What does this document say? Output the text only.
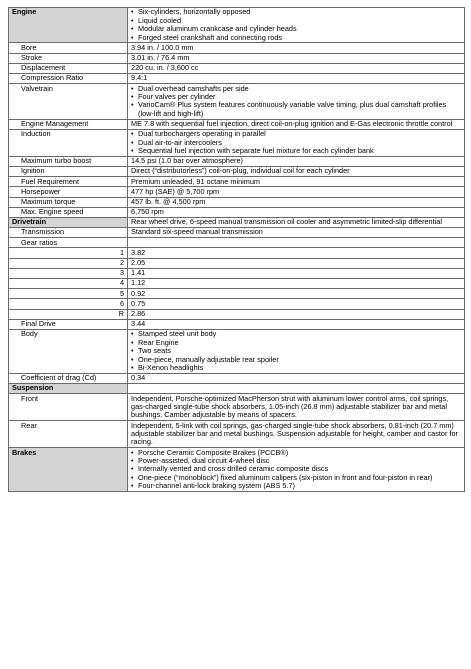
Engine	• Six-cylinders, horizontally opposed
• Liquid cooled
• Modular aluminum crankcase and cylinder heads
• Forged steel crankshaft and connecting rods

Bore	3.94 in. / 100.0 mm
Stroke	3.01 in. / 76.4 mm
Displacement	220 cu. in. / 3,600 cc
Compression Ratio	9.4:1
Valvetrain	• Dual overhead camshafts per side
• Four valves per cylinder
• VarioCam® Plus system features continuously variable valve timing, plus dual camshaft profiles (low-lift and high-lift)

Engine Management	ME 7.8 with sequential fuel injection, direct coil-on-plug ignition and E-Gas electronic throttle control
Induction	• Dual turbochargers operating in parallel
• Dual air-to-air intercoolers
• Sequential fuel injection with separate fuel mixture for each cylinder bank

Maximum turbo boost	14.5 psi (1.0 bar over atmosphere)
Ignition	Direct (“distributorless”) coil-on-plug, individual coil for each cylinder
Fuel Requirement	Premium unleaded, 91 octane minimum
Horsepower	477 hp (SAE) @ 5,700 rpm
Maximum torque	457 lb. ft. @ 4,500 rpm
Max. Engine speed	6,750 rpm
Drivetrain	Rear wheel drive, 6-speed manual transmission oil cooler and asymmetric limited-slip differential
Transmission	Standard six-speed manual transmission
Gear ratios	
1	3.82
2	2.05
3	1.41
4	1.12
5	0.92
6	0.75
R	2.86
Final Drive	3.44
Body	• Stamped steel unit body
• Rear Engine
• Two seats
• One-piece, manually adjustable rear spoiler
• Bi-Xenon headlights

Coefficient of drag (Cd)	0.34
Suspension	
Front	Independent, Porsche-optimized MacPherson strut with aluminum lower control arms, coil springs, gas-charged single-tube shock absorbers, 1.05-inch (26.8 mm) adjustable stabilizer bar and metal bushings. Camber adjustable by means of spacers.
Rear	Independent, 5-link with coil springs, gas-charged single-tube shock absorbers, 0.81-inch (20.7 mm) adjustable stabilizer bar and metal bushings. Suspension adjustable for height, camber and castor for racing.
Brakes	• Porsche Ceramic Composite Brakes (PCCB®)
• Power-assisted, dual circuit 4-wheel disc
• Internally vented and cross drilled ceramic composite discs
• One-piece (“monoblock”) fixed aluminum calipers (six-piston in front and four-piston in rear)
• Four-channel anti-lock braking system (ABS 5.7)
